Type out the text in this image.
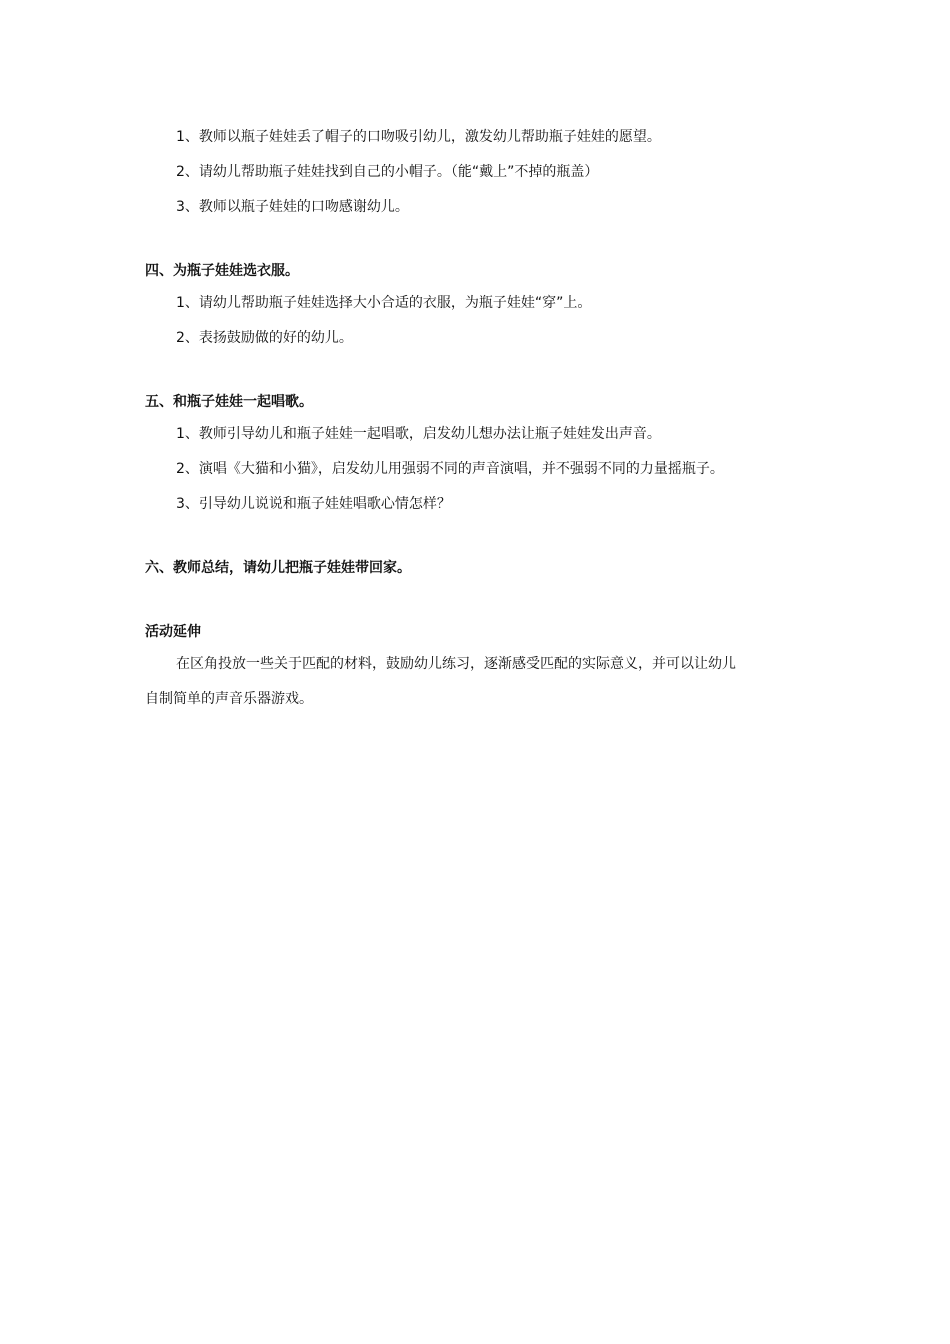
1、教师以瓶子娃娃丢了帽子的口吻吸引幼儿，激发幼儿帮助瓶子娃娃的愿望。
2、请幼儿帮助瓶子娃娃找到自己的小帽子。（能“戴上”不掉的瓶盖）
3、教师以瓶子娃娃的口吻感谢幼儿。
四、为瓶子娃娃选衣服。
1、请幼儿帮助瓶子娃娃选择大小合适的衣服，为瓶子娃娃“穿”上。
2、表扬鼓励做的好的幼儿。
五、和瓶子娃娃一起唱歌。
1、教师引导幼儿和瓶子娃娃一起唱歌，启发幼儿想办法让瓶子娃娃发出声音。
2、演唱《大猫和小猫》，启发幼儿用强弱不同的声音演唱，并不强弱不同的力量摇瓶子。
3、引导幼儿说说和瓶子娃娃唱歌心情怎样？
六、教师总结，请幼儿把瓶子娃娃带回家。
活动延伸
在区角投放一些关于匹配的材料，鼓励幼儿练习，逐渐感受匹配的实际意义，并可以让幼儿
自制简单的声音乐器游戏。
